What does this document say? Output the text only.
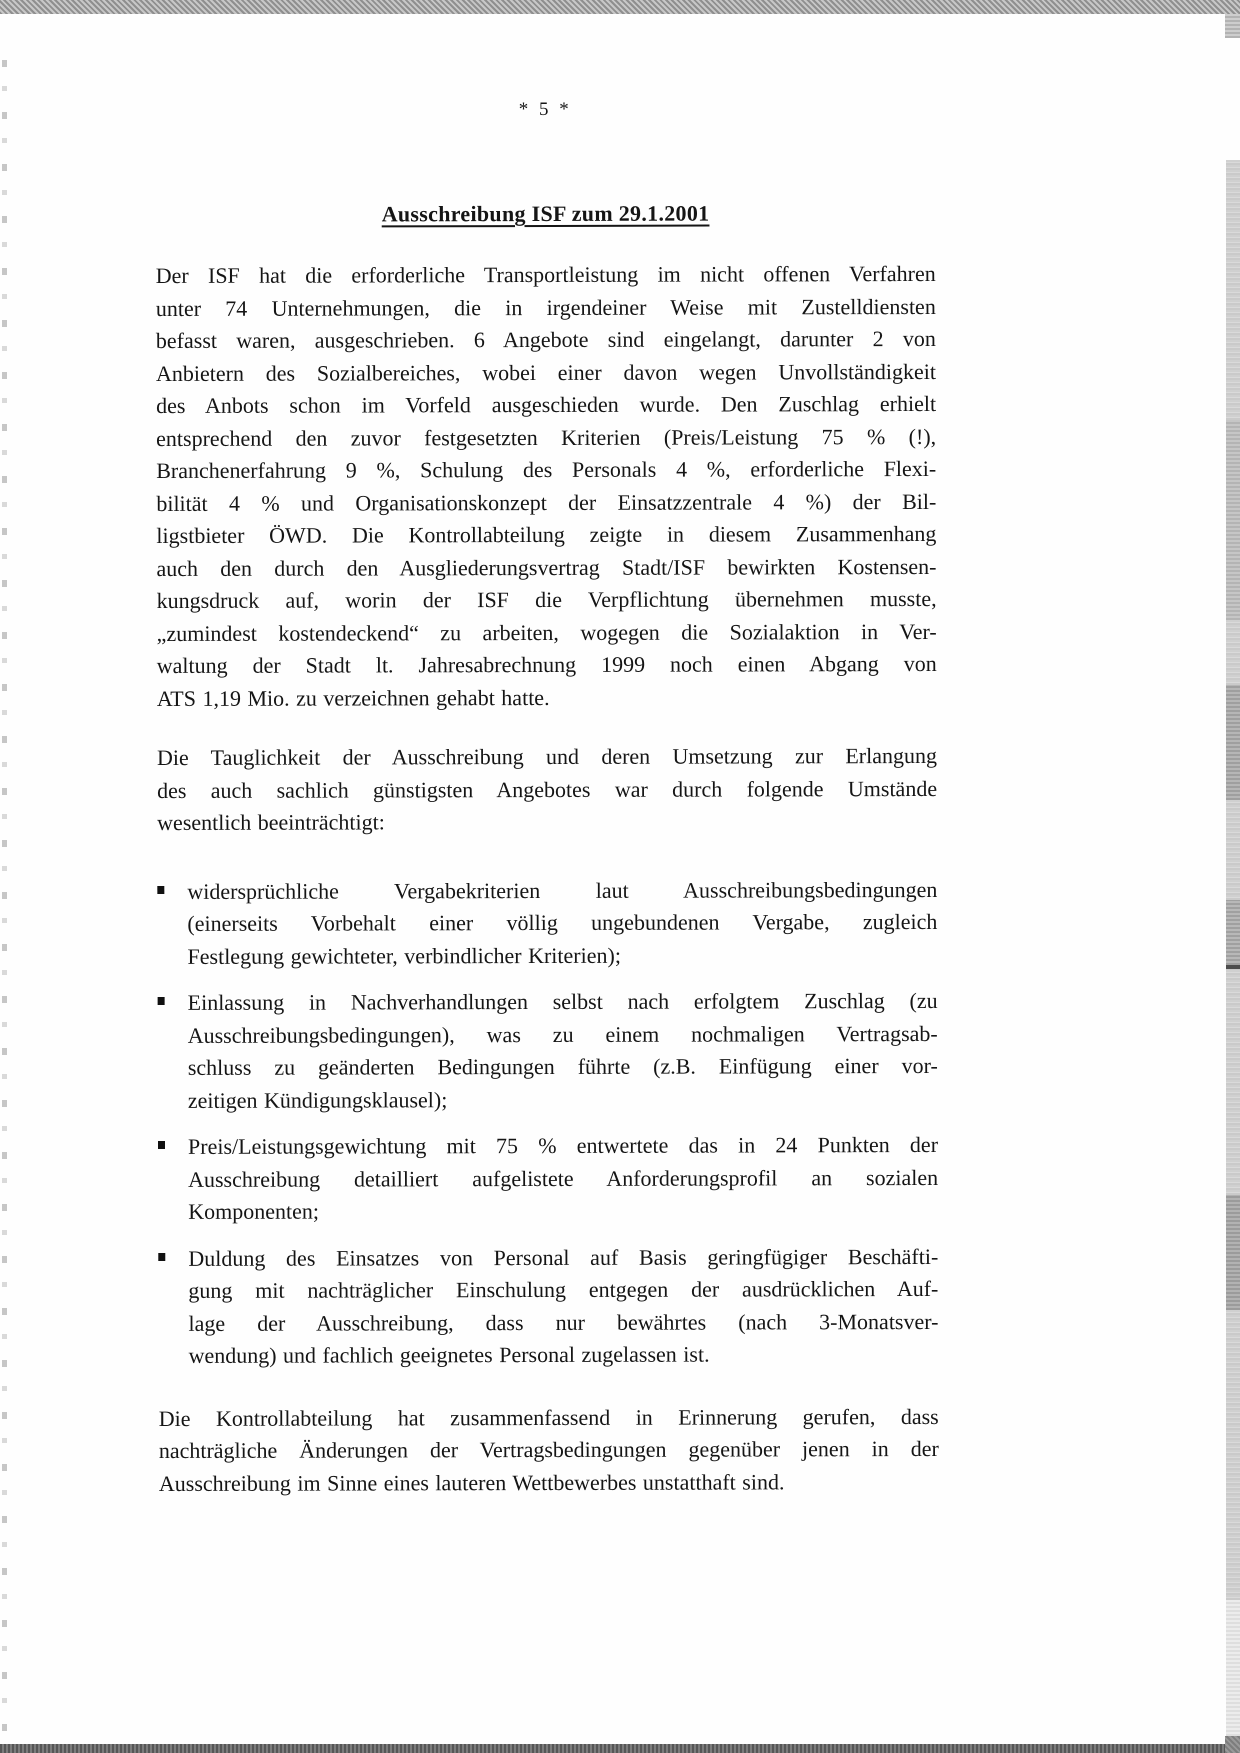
* 5 *
Ausschreibung ISF zum 29.1.2001
Der ISF hat die erforderliche Transportleistung im nicht offenen Verfahren
unter 74 Unternehmungen, die in irgendeiner Weise mit Zustelldiensten
befasst waren, ausgeschrieben. 6 Angebote sind eingelangt, darunter 2 von
Anbietern des Sozialbereiches, wobei einer davon wegen Unvollständigkeit
des Anbots schon im Vorfeld ausgeschieden wurde. Den Zuschlag erhielt
entsprechend den zuvor festgesetzten Kriterien (Preis/Leistung 75 % (!),
Branchenerfahrung 9 %, Schulung des Personals 4 %, erforderliche Flexi-
bilität 4 % und Organisationskonzept der Einsatzzentrale 4 %) der Bil-
ligstbieter ÖWD. Die Kontrollabteilung zeigte in diesem Zusammenhang
auch den durch den Ausgliederungsvertrag Stadt/ISF bewirkten Kostensen-
kungsdruck auf, worin der ISF die Verpflichtung übernehmen musste,
„zumindest kostendeckend“ zu arbeiten, wogegen die Sozialaktion in Ver-
waltung der Stadt lt. Jahresabrechnung 1999 noch einen Abgang von
ATS 1,19 Mio. zu verzeichnen gehabt hatte.
Die Tauglichkeit der Ausschreibung und deren Umsetzung zur Erlangung
des auch sachlich günstigsten Angebotes war durch folgende Umstände
wesentlich beeinträchtigt:
widersprüchliche Vergabekriterien laut Ausschreibungsbedingungen
(einerseits Vorbehalt einer völlig ungebundenen Vergabe, zugleich
Festlegung gewichteter, verbindlicher Kriterien);
Einlassung in Nachverhandlungen selbst nach erfolgtem Zuschlag (zu
Ausschreibungsbedingungen), was zu einem nochmaligen Vertragsab-
schluss zu geänderten Bedingungen führte (z.B. Einfügung einer vor-
zeitigen Kündigungsklausel);
Preis/Leistungsgewichtung mit 75 % entwertete das in 24 Punkten der
Ausschreibung detailliert aufgelistete Anforderungsprofil an sozialen
Komponenten;
Duldung des Einsatzes von Personal auf Basis geringfügiger Beschäfti-
gung mit nachträglicher Einschulung entgegen der ausdrücklichen Auf-
lage der Ausschreibung, dass nur bewährtes (nach 3-Monatsver-
wendung) und fachlich geeignetes Personal zugelassen ist.
Die Kontrollabteilung hat zusammenfassend in Erinnerung gerufen, dass
nachträgliche Änderungen der Vertragsbedingungen gegenüber jenen in der
Ausschreibung im Sinne eines lauteren Wettbewerbes unstatthaft sind.
